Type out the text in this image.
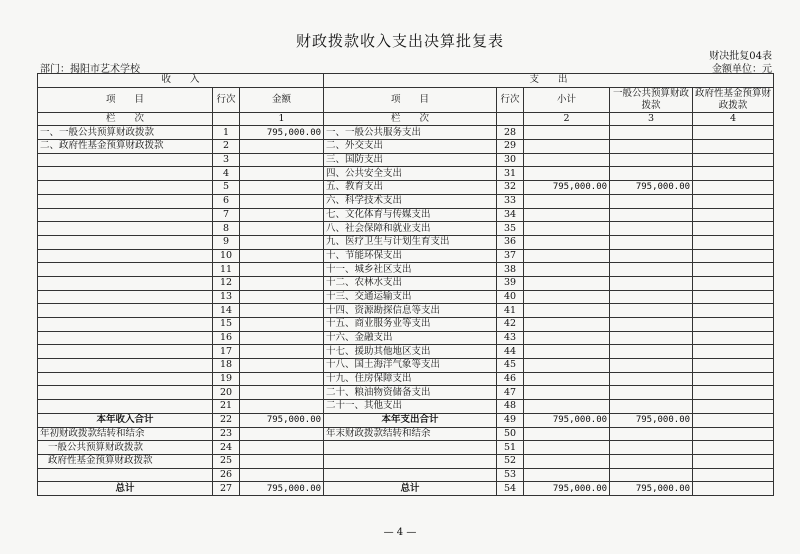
财政拨款收入支出决算批复表
部门：揭阳市艺术学校
财决批复04表
金额单位：元
收　　入			支　　出				
项　　目	行次	金额	项　　目	行次	小计	一般公共预算财政拨款	政府性基金预算财政拨款
栏　　次		1	栏　　次		2	3	4
一、一般公共预算财政拨款	1	795,000.00	一、一般公共服务支出	28			
二、政府性基金预算财政拨款	2		二、外交支出	29			
	3		三、国防支出	30			
	4		四、公共安全支出	31			
	5		五、教育支出	32	795,000.00	795,000.00	
	6		六、科学技术支出	33			
	7		七、文化体育与传媒支出	34			
	8		八、社会保障和就业支出	35			
	9		九、医疗卫生与计划生育支出	36			
	10		十、节能环保支出	37			
	11		十一、城乡社区支出	38			
	12		十二、农林水支出	39			
	13		十三、交通运输支出	40			
	14		十四、资源勘探信息等支出	41			
	15		十五、商业服务业等支出	42			
	16		十六、金融支出	43			
	17		十七、援助其他地区支出	44			
	18		十八、国土海洋气象等支出	45			
	19		十九、住房保障支出	46			
	20		二十、粮油物资储备支出	47			
	21		二十一、其他支出	48			
本年收入合计	22	795,000.00	本年支出合计	49	795,000.00	795,000.00	
年初财政拨款结转和结余	23		年末财政拨款结转和结余	50			
一般公共预算财政拨款	24			51			
政府性基金预算财政拨款	25			52			
	26			53			
总计	27	795,000.00	总计	54	795,000.00	795,000.00	
— 4 —
